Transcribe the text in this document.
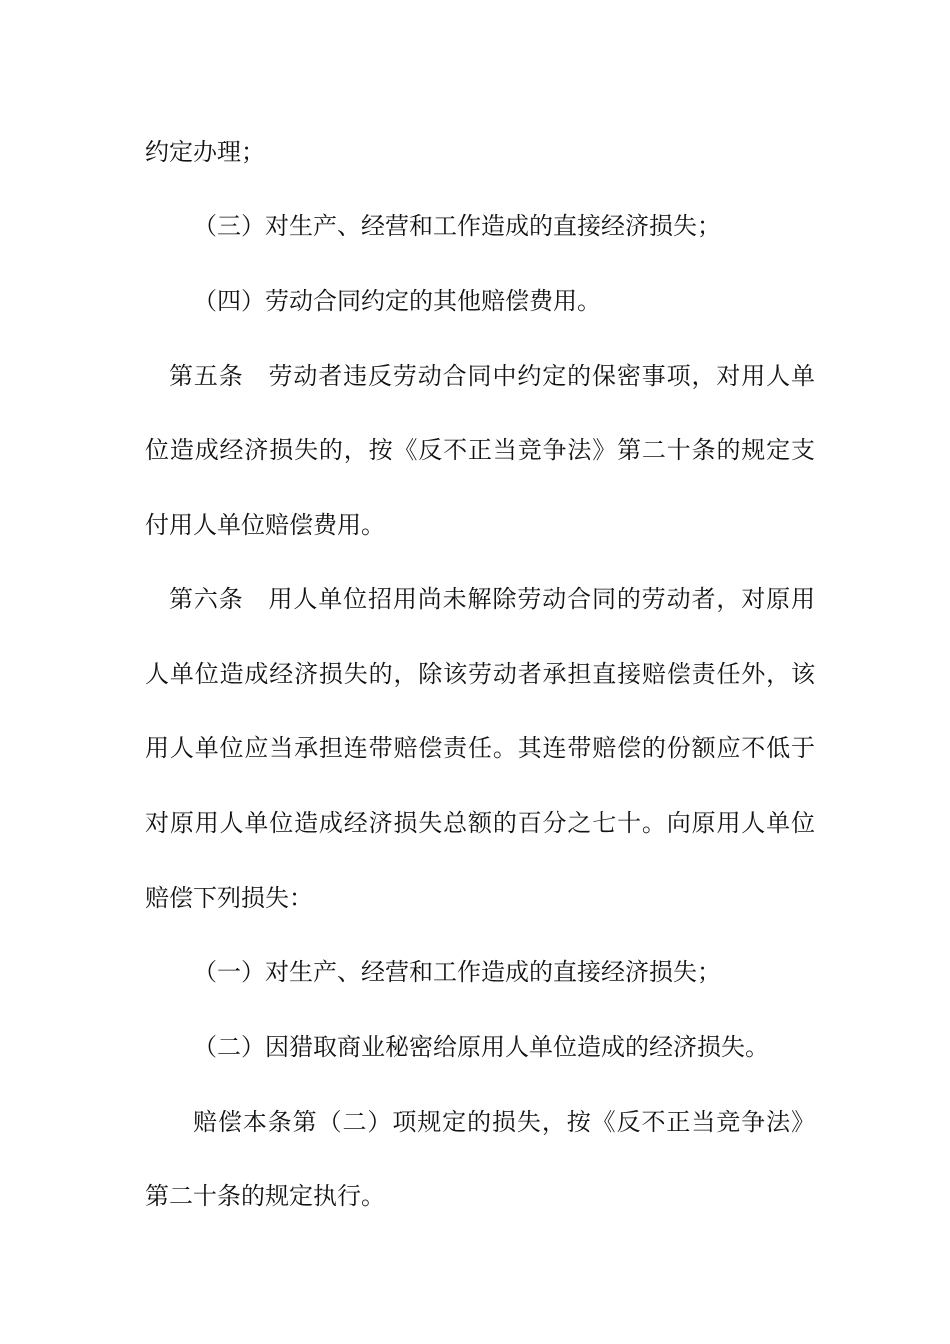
约定办理；

（三）对生产、经营和工作造成的直接经济损失；

（四）劳动合同约定的其他赔偿费用。

第五条　劳动者违反劳动合同中约定的保密事项，对用人单

位造成经济损失的，按《反不正当竞争法》第二十条的规定支

付用人单位赔偿费用。

第六条　用人单位招用尚未解除劳动合同的劳动者，对原用

人单位造成经济损失的，除该劳动者承担直接赔偿责任外，该

用人单位应当承担连带赔偿责任。其连带赔偿的份额应不低于

对原用人单位造成经济损失总额的百分之七十。向原用人单位

赔偿下列损失：

（一）对生产、经营和工作造成的直接经济损失；

（二）因猎取商业秘密给原用人单位造成的经济损失。

赔偿本条第（二）项规定的损失，按《反不正当竞争法》

第二十条的规定执行。
